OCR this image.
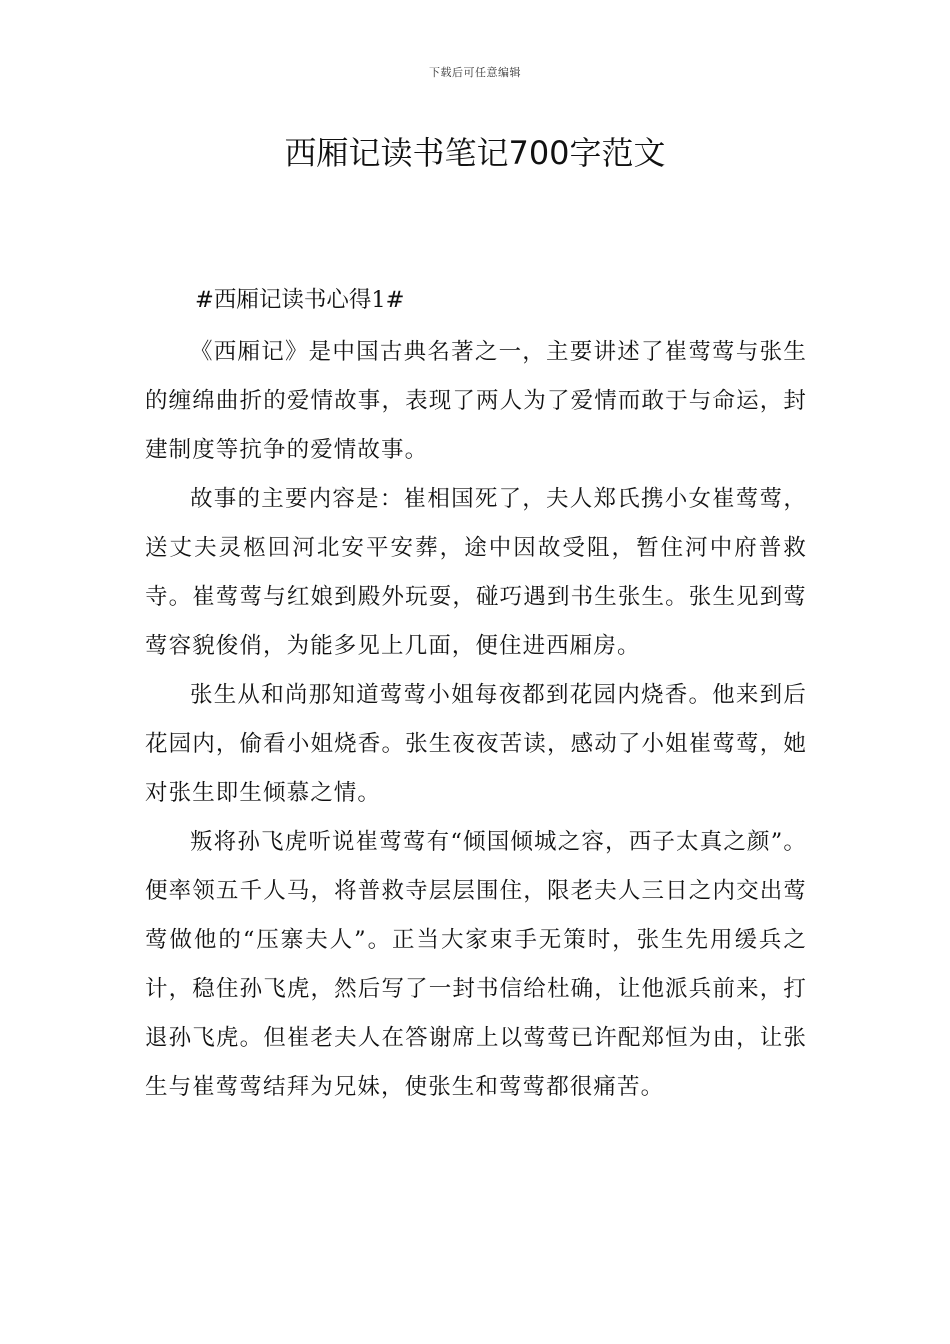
下载后可任意编辑
西厢记读书笔记700字范文

#西厢记读书心得1#

《西厢记》是中国古典名著之一，主要讲述了崔莺莺与张生的缠绵曲折的爱情故事，表现了两人为了爱情而敢于与命运，封建制度等抗争的爱情故事。

故事的主要内容是：崔相国死了，夫人郑氏携小女崔莺莺，送丈夫灵柩回河北安平安葬，途中因故受阻，暂住河中府普救寺。崔莺莺与红娘到殿外玩耍，碰巧遇到书生张生。张生见到莺莺容貌俊俏，为能多见上几面，便住进西厢房。

张生从和尚那知道莺莺小姐每夜都到花园内烧香。他来到后花园内，偷看小姐烧香。张生夜夜苦读，感动了小姐崔莺莺，她对张生即生倾慕之情。

叛将孙飞虎听说崔莺莺有“倾国倾城之容，西子太真之颜”。便率领五千人马，将普救寺层层围住，限老夫人三日之内交出莺莺做他的“压寨夫人”。正当大家束手无策时，张生先用缓兵之计，稳住孙飞虎，然后写了一封书信给杜确，让他派兵前来，打退孙飞虎。但崔老夫人在答谢席上以莺莺已许配郑恒为由，让张生与崔莺莺结拜为兄妹，使张生和莺莺都很痛苦。
